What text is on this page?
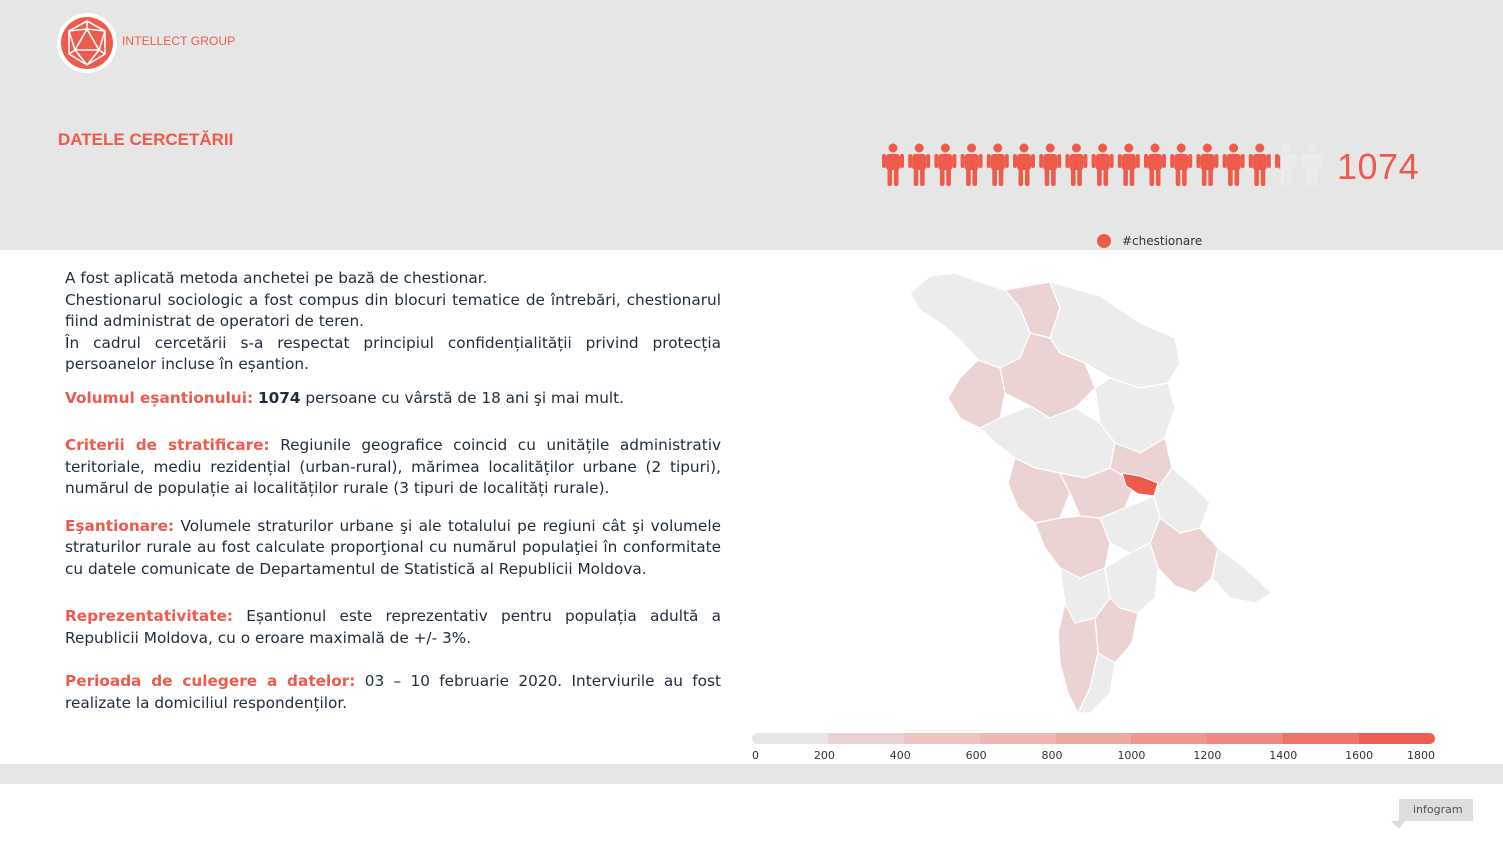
INTELLECT GROUP
DATELE CERCETĂRII
1074
#chestionare

A fost aplicată metoda anchetei pe bază de chestionar.

Chestionarul sociologic a fost compus din blocuri tematice de întrebări, chestionarul fiind administrat de operatori de teren.

În cadrul cercetării s-a respectat principiul confidențialității privind protecția persoanelor incluse în eșantion.

Volumul eșantionului: 1074 persoane cu vârstă de 18 ani şi mai mult.

Criterii de stratificare: Regiunile geografice coincid cu unitățile administrativ teritoriale, mediu rezidențial (urban-rural), mărimea localităților urbane (2 tipuri), numărul de populație ai localităților rurale (3 tipuri de localități rurale).

Eşantionare: Volumele straturilor urbane şi ale totalului pe regiuni cât şi volumele straturilor rurale au fost calculate proporţional cu numărul populaţiei în conformitate cu datele comunicate de Departamentul de Statistică al Republicii Moldova.

Reprezentativitate: Eșantionul este reprezentativ pentru populația adultă a Republicii Moldova, cu o eroare maximală de +/- 3%.

Perioada de culegere a datelor: 03 – 10 februarie 2020. Interviurile au fost realizate la domiciliul respondenților.

0	200	400	600	800	1000	1200	1400	1600	1800
infogram
